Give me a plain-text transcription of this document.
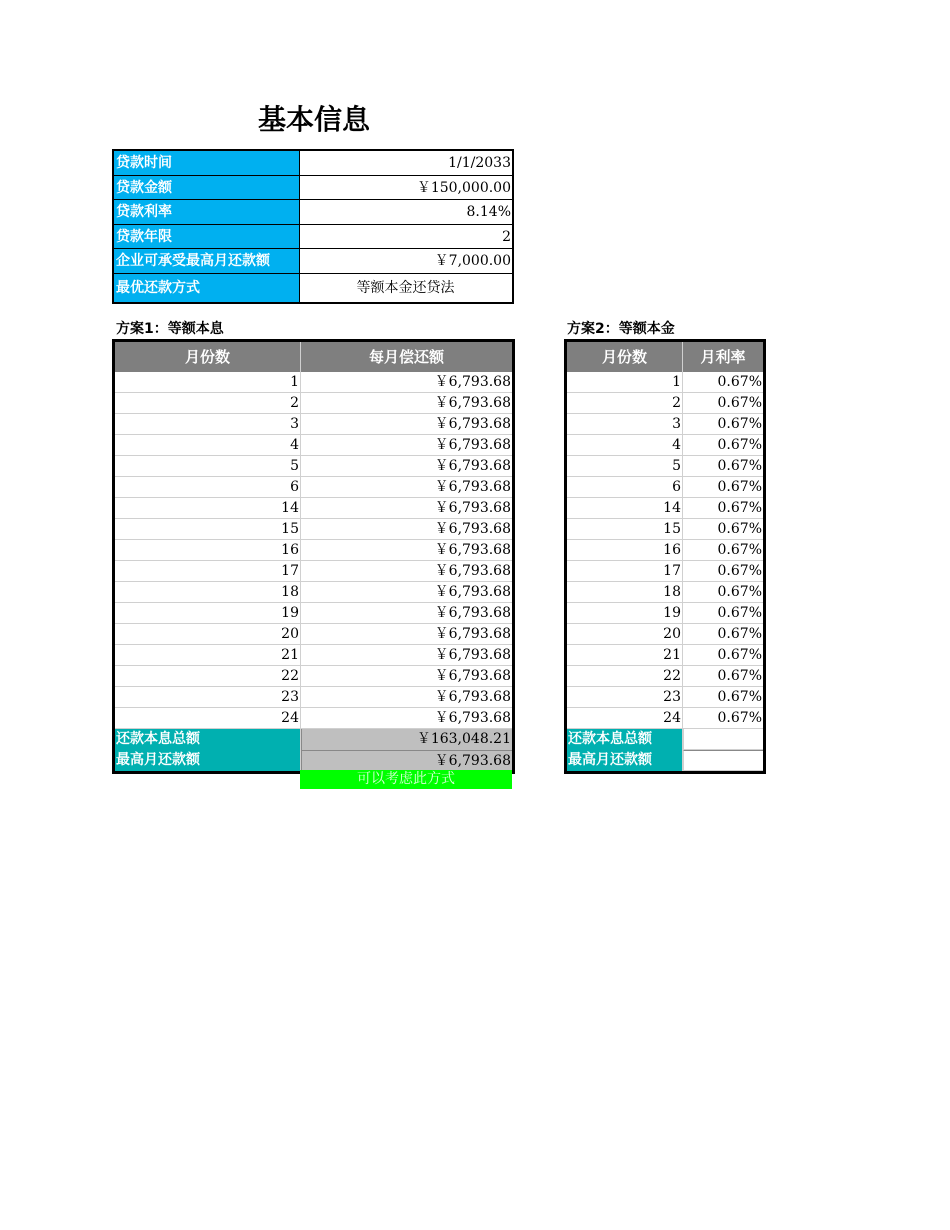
基本信息
贷款时间	1/1/2033
贷款金额	￥150,000.00
贷款利率	8.14%
贷款年限	2
企业可承受最高月还款额	￥7,000.00
最优还款方式	等额本金还贷法
方案1：等额本息	方案2：等额本金
月份数	每月偿还额
1	￥6,793.68
2	￥6,793.68
3	￥6,793.68
4	￥6,793.68
5	￥6,793.68
6	￥6,793.68
14	￥6,793.68
15	￥6,793.68
16	￥6,793.68
17	￥6,793.68
18	￥6,793.68
19	￥6,793.68
20	￥6,793.68
21	￥6,793.68
22	￥6,793.68
23	￥6,793.68
24	￥6,793.68
还款本息总额	￥163,048.21
最高月还款额	￥6,793.68
可以考虑此方式
月份数	月利率
1	0.67%
2	0.67%
3	0.67%
4	0.67%
5	0.67%
6	0.67%
14	0.67%
15	0.67%
16	0.67%
17	0.67%
18	0.67%
19	0.67%
20	0.67%
21	0.67%
22	0.67%
23	0.67%
24	0.67%
还款本息总额
最高月还款额
